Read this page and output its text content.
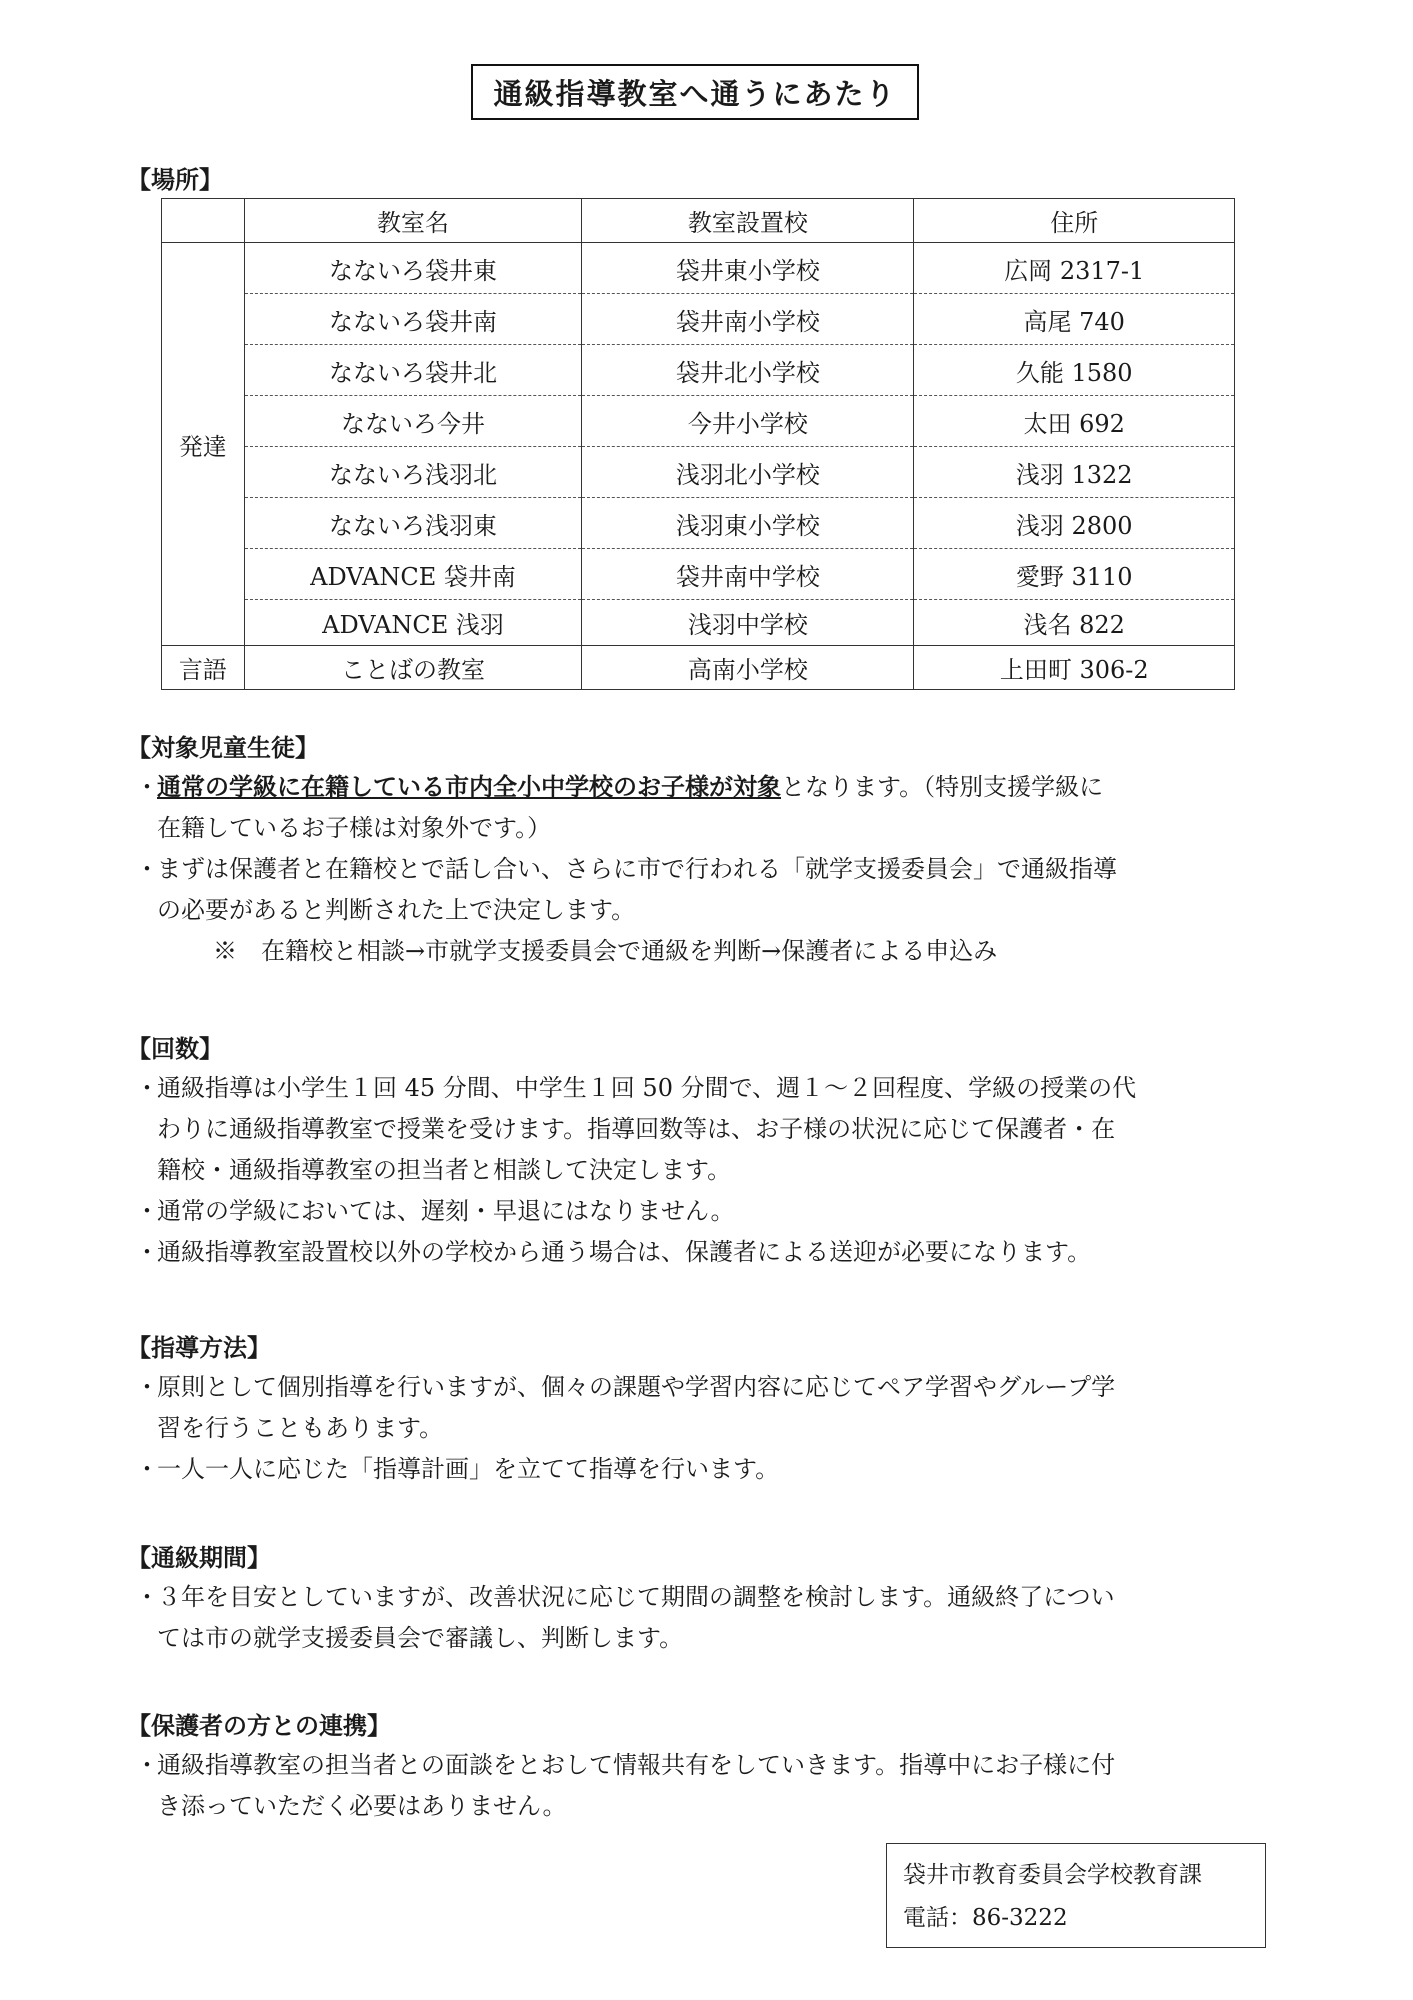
通級指導教室へ通うにあたり
【場所】
	教室名	教室設置校	住所
発達	なないろ袋井東	袋井東小学校	広岡 2317-1
	なないろ袋井南	袋井南小学校	高尾 740
	なないろ袋井北	袋井北小学校	久能 1580
	なないろ今井	今井小学校	太田 692
	なないろ浅羽北	浅羽北小学校	浅羽 1322
	なないろ浅羽東	浅羽東小学校	浅羽 2800
	ADVANCE 袋井南	袋井南中学校	愛野 3110
	ADVANCE 浅羽	浅羽中学校	浅名 822
言語	ことばの教室	高南小学校	上田町 306-2
【対象児童生徒】
・
通常の学級に在籍している市内全小中学校のお子様が対象となります。（特別支援学級に
在籍しているお子様は対象外です。）
・
まずは保護者と在籍校とで話し合い、さらに市で行われる「就学支援委員会」で通級指導
の必要があると判断された上で決定します。
※　在籍校と相談→市就学支援委員会で通級を判断→保護者による申込み
【回数】
・
通級指導は小学生１回 45 分間、中学生１回 50 分間で、週１～２回程度、学級の授業の代
わりに通級指導教室で授業を受けます。指導回数等は、お子様の状況に応じて保護者・在
籍校・通級指導教室の担当者と相談して決定します。
・
通常の学級においては、遅刻・早退にはなりません。
・
通級指導教室設置校以外の学校から通う場合は、保護者による送迎が必要になります。
【指導方法】
・
原則として個別指導を行いますが、個々の課題や学習内容に応じてペア学習やグループ学
習を行うこともあります。
・
一人一人に応じた「指導計画」を立てて指導を行います。
【通級期間】
・
３年を目安としていますが、改善状況に応じて期間の調整を検討します。通級終了につい
ては市の就学支援委員会で審議し、判断します。
【保護者の方との連携】
・
通級指導教室の担当者との面談をとおして情報共有をしていきます。指導中にお子様に付
き添っていただく必要はありません。
袋井市教育委員会学校教育課
電話：86-3222
